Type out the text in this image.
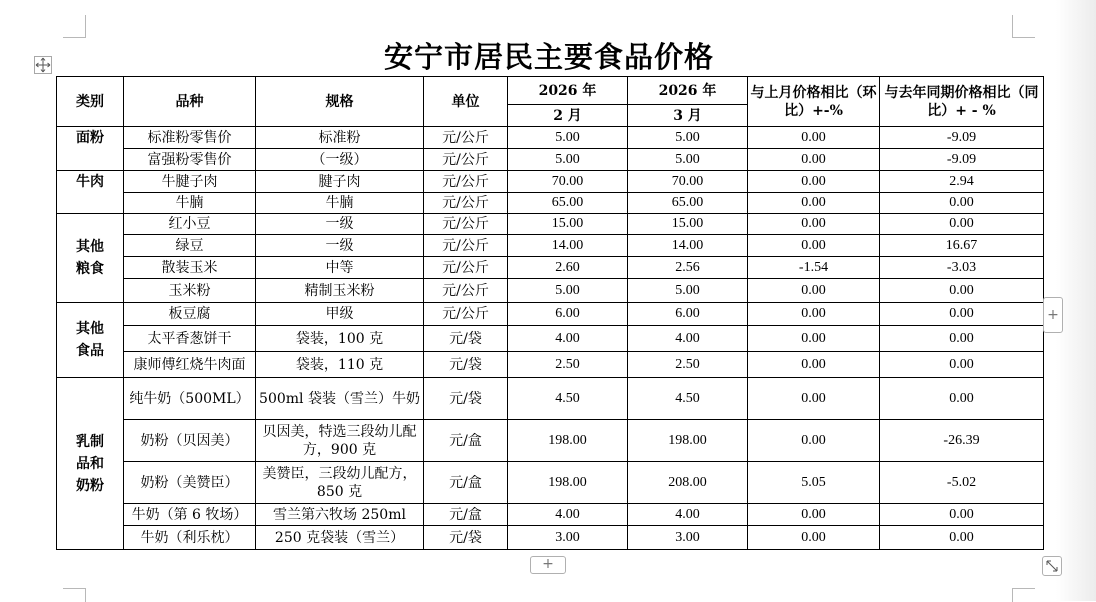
安宁市居民主要食品价格
类别	品种	规格	单位	2026 年	2026 年	与上月价格相比（环比）+-%	与去年同期价格相比（同比）+ - %
				2 月	3 月		
面粉	标准粉零售价	标准粉	元/公斤	5.00	5.00	0.00	-9.09
	富强粉零售价	（一级）	元/公斤	5.00	5.00	0.00	-9.09
牛肉	牛腱子肉	腱子肉	元/公斤	70.00	70.00	0.00	2.94
	牛腩	牛腩	元/公斤	65.00	65.00	0.00	0.00
其他粮食	红小豆	一级	元/公斤	15.00	15.00	0.00	0.00
	绿豆	一级	元/公斤	14.00	14.00	0.00	16.67
	散装玉米	中等	元/公斤	2.60	2.56	-1.54	-3.03
	玉米粉	精制玉米粉	元/公斤	5.00	5.00	0.00	0.00
其他食品	板豆腐	甲级	元/公斤	6.00	6.00	0.00	0.00
	太平香葱饼干	袋装，100 克	元/袋	4.00	4.00	0.00	0.00
	康师傅红烧牛肉面	袋装，110 克	元/袋	2.50	2.50	0.00	0.00
乳制品和奶粉	纯牛奶（500ML）	500ml 袋装（雪兰）牛奶	元/袋	4.50	4.50	0.00	0.00
	奶粉（贝因美）	贝因美，特选三段幼儿配方，900 克	元/盒	198.00	198.00	0.00	-26.39
	奶粉（美赞臣）	美赞臣，三段幼儿配方，850 克	元/盒	198.00	208.00	5.05	-5.02
	牛奶（第 6 牧场）	雪兰第六牧场 250ml	元/盒	4.00	4.00	0.00	0.00
	牛奶（利乐枕）	250 克袋装（雪兰）	元/袋	3.00	3.00	0.00	0.00
+
+
